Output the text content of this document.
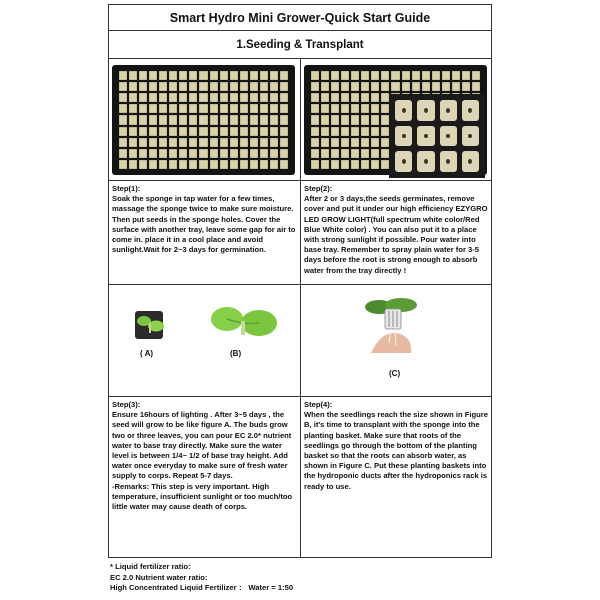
Smart Hydro Mini Grower-Quick Start Guide
1.Seeding & Transplant
Step(1):
Soak the sponge in tap water for a few times, massage the sponge twice to make sure moisture. Then put seeds in the sponge holes. Cover the surface with another tray, leave some gap for air to come in. place it in a cool place and avoid sunlight.Wait for 2~3 days for germination.
Step(2):
After 2 or 3 days,the seeds germinates, remove cover and put it under our high efficiency EZYGRO LED GROW LIGHT(full spectrum white color/Red Blue White color) . You can also put it to a place with strong sunlight if possible. Pour water into base tray. Remember to spray plain water for 3-5 days before the root is strong enough to absorb water from the tray directly !
( A)	(B)
(C)
Step(3):
Ensure 16hours of lighting . After 3~5 days , the seed will grow to be like figure A. The buds grow two or three leaves, you can pour EC 2.0* nutrient water to base tray directly. Make sure the water level is between 1/4~ 1/2 of base tray height. Add water once everyday to make sure of fresh water supply to corps. Repeat 5-7 days.
-Remarks: This step is very important. High temperature, insufficient sunlight or too much/too little water may cause death of corps.
Step(4):
When the seedlings reach the size shown in Figure B, it's time to transplant with the sponge into the planting basket. Make sure that roots of the seedlings go through the bottom of the planting basket so that the roots can absorb water, as shown in Figure C. Put these planting baskets into the hydroponic ducts after the hydroponics rack is ready to use.
* Liquid fertilizer ratio:
EC 2.0 Nutrient water ratio:
High Concentrated Liquid Fertilizer ： Water = 1:50
